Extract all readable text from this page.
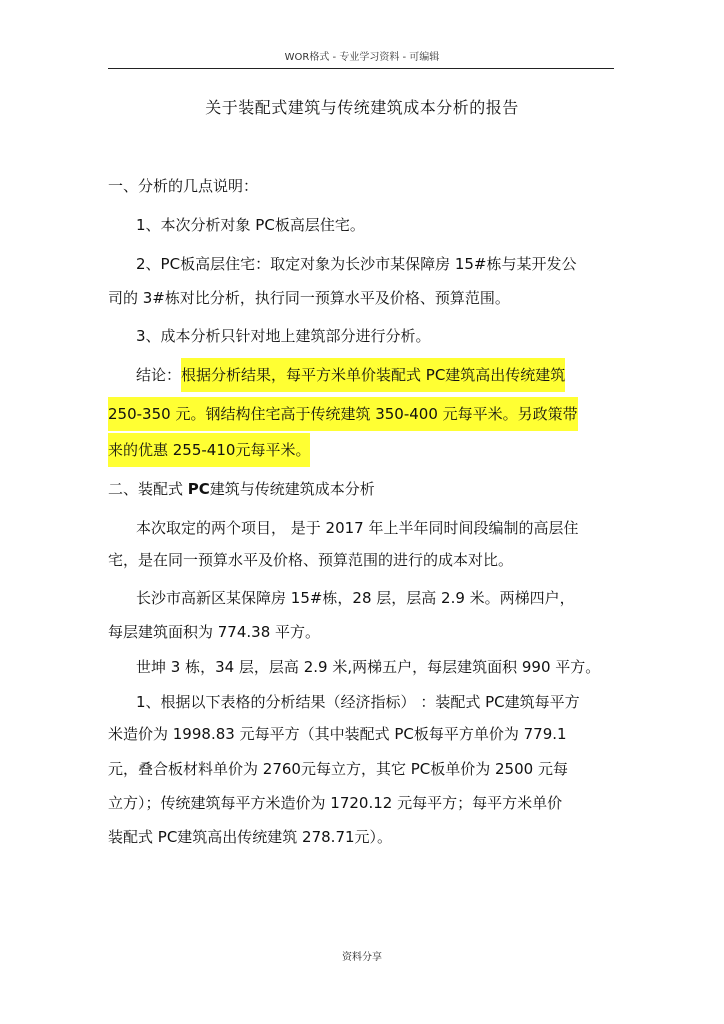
WOR格式 - 专业学习资料 - 可编辑
关于装配式建筑与传统建筑成本分析的报告
一、分析的几点说明：
1、本次分析对象 PC板高层住宅。
2、PC板高层住宅：取定对象为长沙市某保障房 15#栋与某开发公
司的 3#栋对比分析，执行同一预算水平及价格、预算范围。
3、成本分析只针对地上建筑部分进行分析。
结论：根据分析结果，每平方米单价装配式 PC建筑高出传统建筑
250-350 元。钢结构住宅高于传统建筑 350-400 元每平米。另政策带
来的优惠 255-410元每平米。
二、装配式 PC建筑与传统建筑成本分析
本次取定的两个项目， 是于 2017 年上半年同时间段编制的高层住
宅，是在同一预算水平及价格、预算范围的进行的成本对比。
长沙市高新区某保障房 15#栋，28 层，层高 2.9 米。两梯四户，
每层建筑面积为 774.38 平方。
世坤 3 栋，34 层，层高 2.9 米,两梯五户，每层建筑面积 990 平方。
1、根据以下表格的分析结果（经济指标） ：装配式 PC建筑每平方
米造价为 1998.83 元每平方（其中装配式 PC板每平方单价为 779.1
元，叠合板材料单价为 2760元每立方，其它 PC板单价为 2500 元每
立方）；传统建筑每平方米造价为 1720.12 元每平方；每平方米单价
装配式 PC建筑高出传统建筑 278.71元）。
资料分享
